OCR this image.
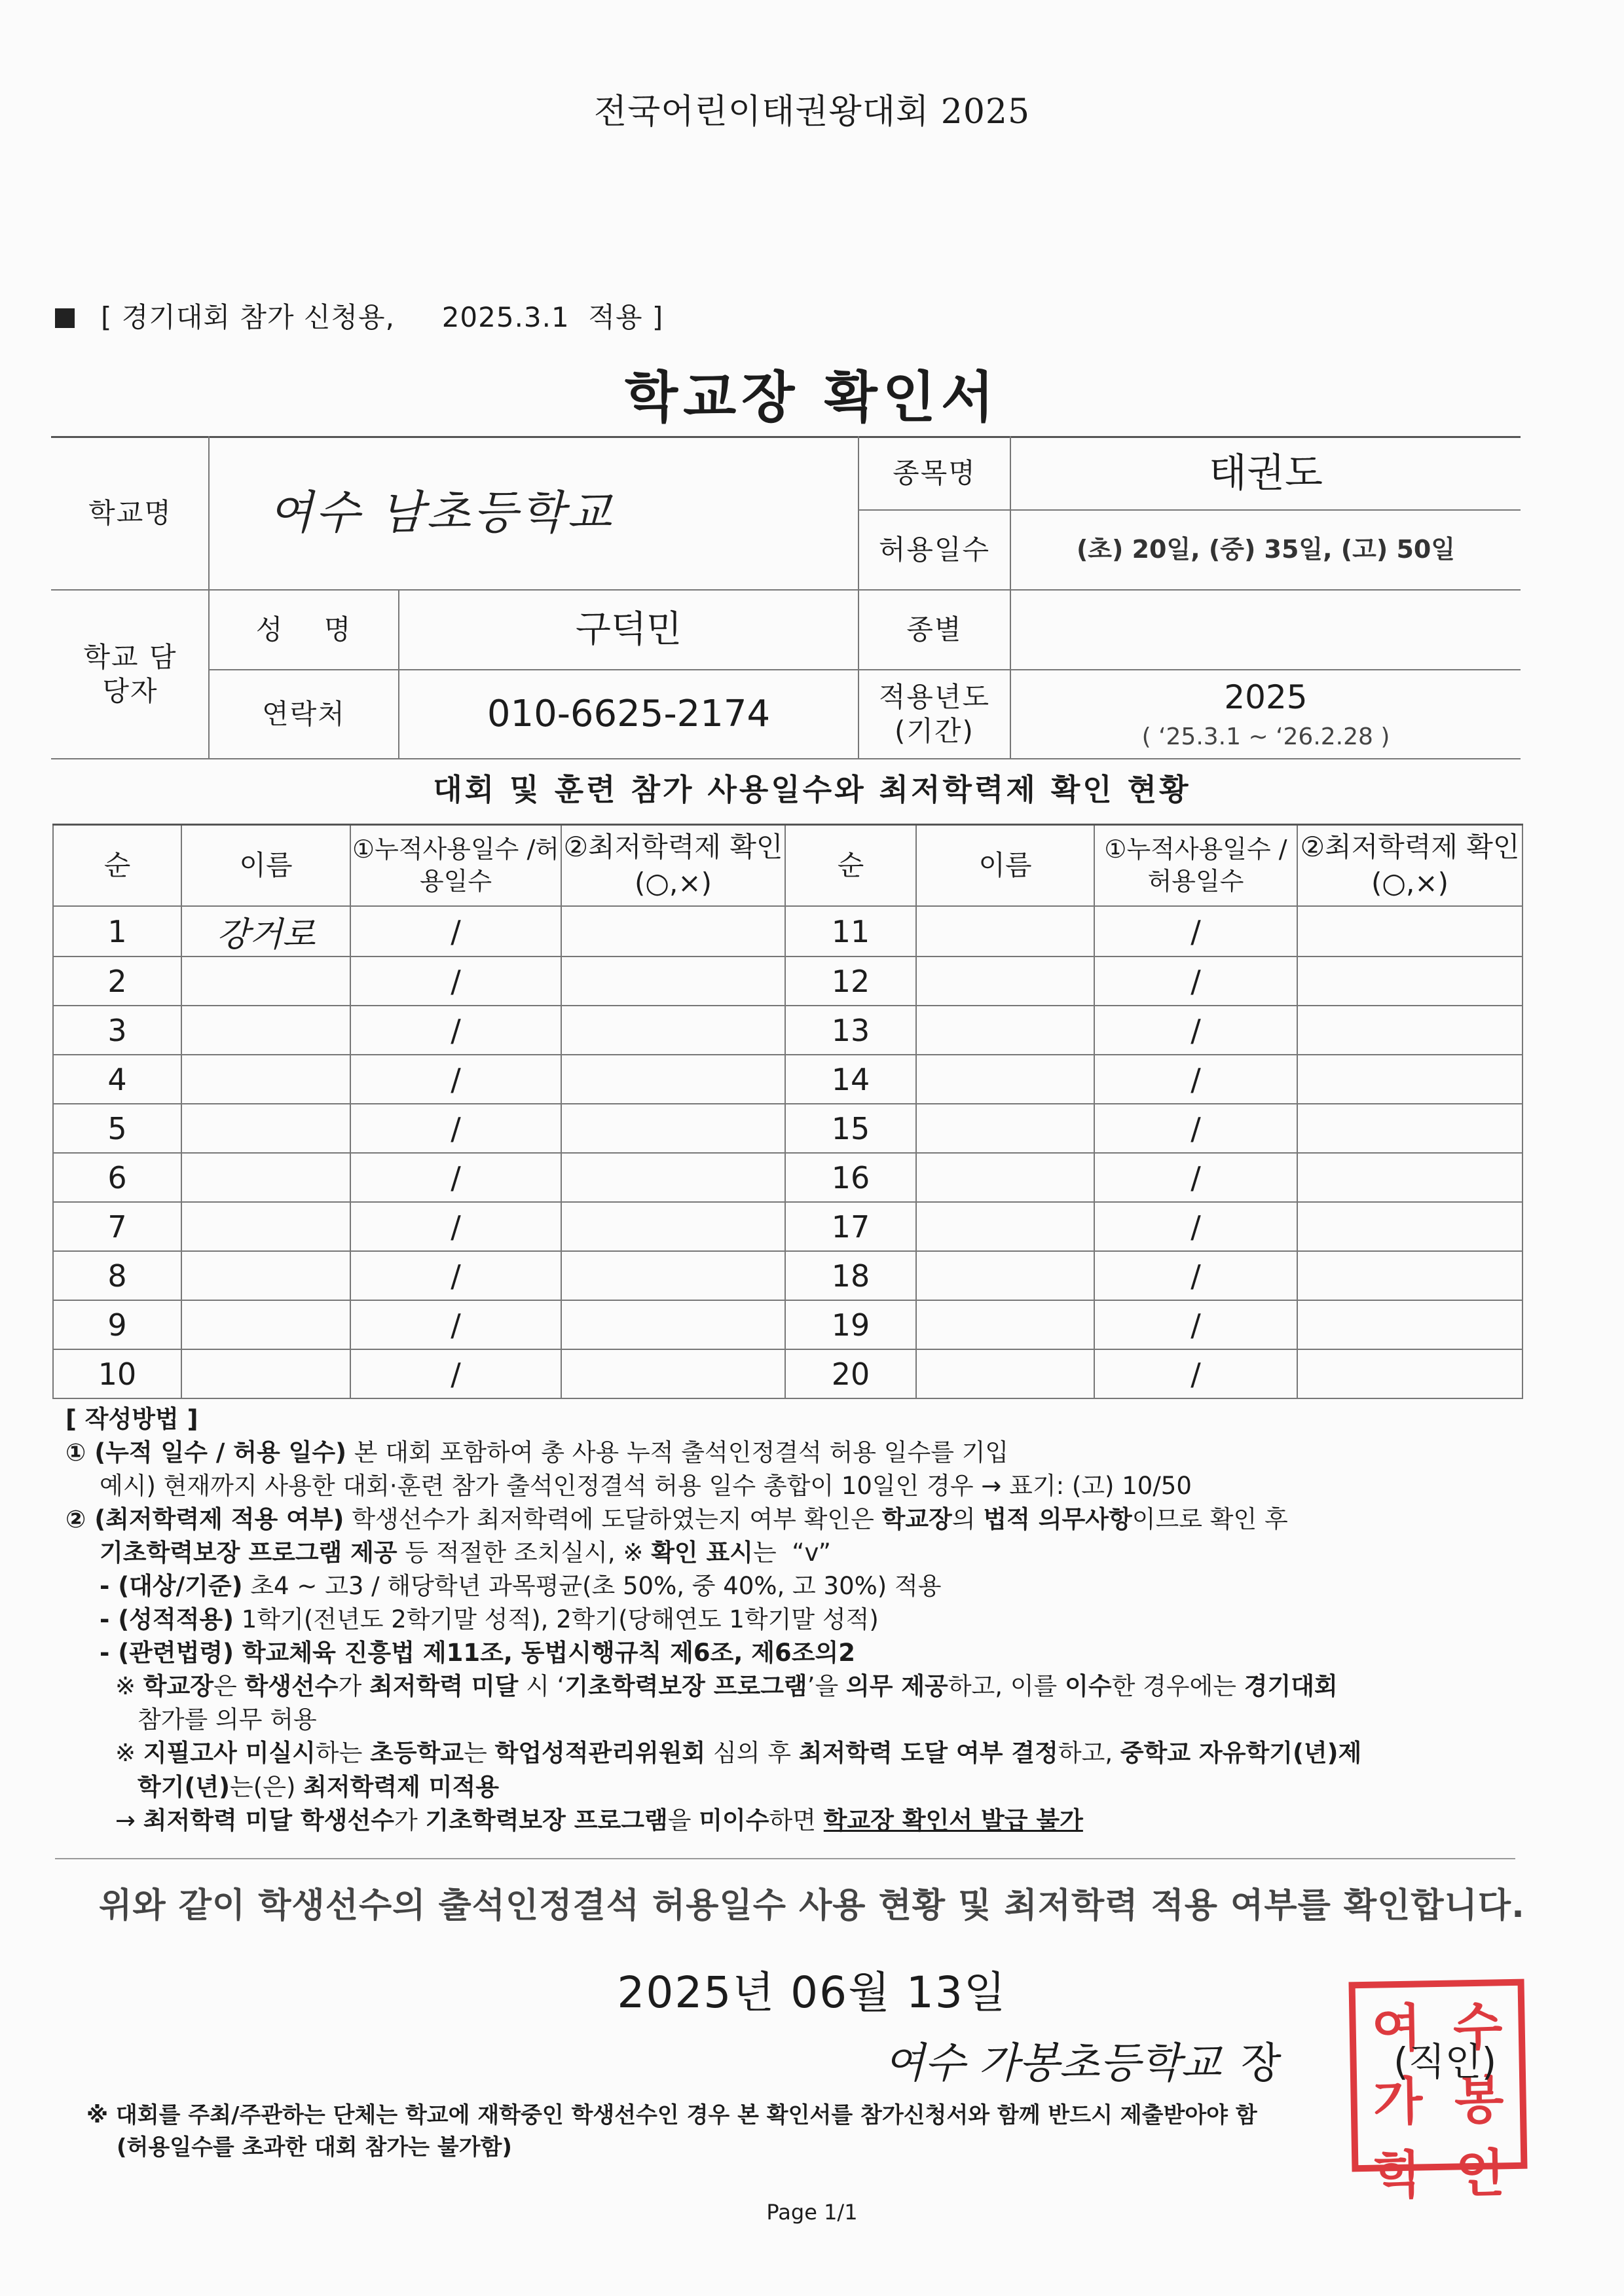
전국어린이태권왕대회 2025
[ 경기대회 참가 신청용,     2025.3.1  적용 ]
학교장 확인서
학교명	여수 남초등학교
종목명	태권도
허용일수	(초) 20일, (중) 35일, (고) 50일
학교 담당자
성    명	구덕민	종별
연락처	010-6625-2174	적용년도 (기간)
2025
( ‘25.3.1 ~ ‘26.2.28 )
대회 및 훈련 참가 사용일수와 최저학력제 확인 현황
순	이름	①누적사용일수 /허용일수	②최저학력제 확인(○,×)	순	이름	①누적사용일수 /허용일수	②최저학력제 확인(○,×)
1	강거로	/		11		/	
2		/		12		/	
3		/		13		/	
4		/		14		/	
5		/		15		/	
6		/		16		/	
7		/		17		/	
8		/		18		/	
9		/		19		/	
10		/		20		/	

[ 작성방법 ]

① (누적 일수 / 허용 일수) 본 대회 포함하여 총 사용 누적 출석인정결석 허용 일수를 기입

예시) 현재까지 사용한 대회·훈련 참가 출석인정결석 허용 일수 총합이 10일인 경우 → 표기: (고) 10/50

② (최저학력제 적용 여부) 학생선수가 최저학력에 도달하였는지 여부 확인은 학교장의 법적 의무사항이므로 확인 후

기초학력보장 프로그램 제공 등 적절한 조치실시, ※ 확인 표시는  “v”

- (대상/기준) 초4 ~ 고3 / 해당학년 과목평균(초 50%, 중 40%, 고 30%) 적용

- (성적적용) 1학기(전년도 2학기말 성적), 2학기(당해연도 1학기말 성적)

- (관련법령) 학교체육 진흥법 제11조, 동법시행규칙 제6조, 제6조의2

※ 학교장은 학생선수가 최저학력 미달 시 ‘기초학력보장 프로그램’을 의무 제공하고, 이를 이수한 경우에는 경기대회

참가를 의무 허용

※ 지필고사 미실시하는 초등학교는 학업성적관리위원회 심의 후 최저학력 도달 여부 결정하고, 중학교 자유학기(년)제

학기(년)는(은) 최저학력제 미적용

→ 최저학력 미달 학생선수가 기초학력보장 프로그램을 미이수하면 학교장 확인서 발급 불가

위와 같이 학생선수의 출석인정결석 허용일수 사용 현황 및 최저학력 적용 여부를 확인합니다.
2025년 06월 13일
여 수
가 봉
학 인
여수 가봉초등학교 장	(직인)
※ 대회를 주최/주관하는 단체는 학교에 재학중인 학생선수인 경우 본 확인서를 참가신청서와 함께 반드시 제출받아야 함
(허용일수를 초과한 대회 참가는 불가함)
Page 1/1
